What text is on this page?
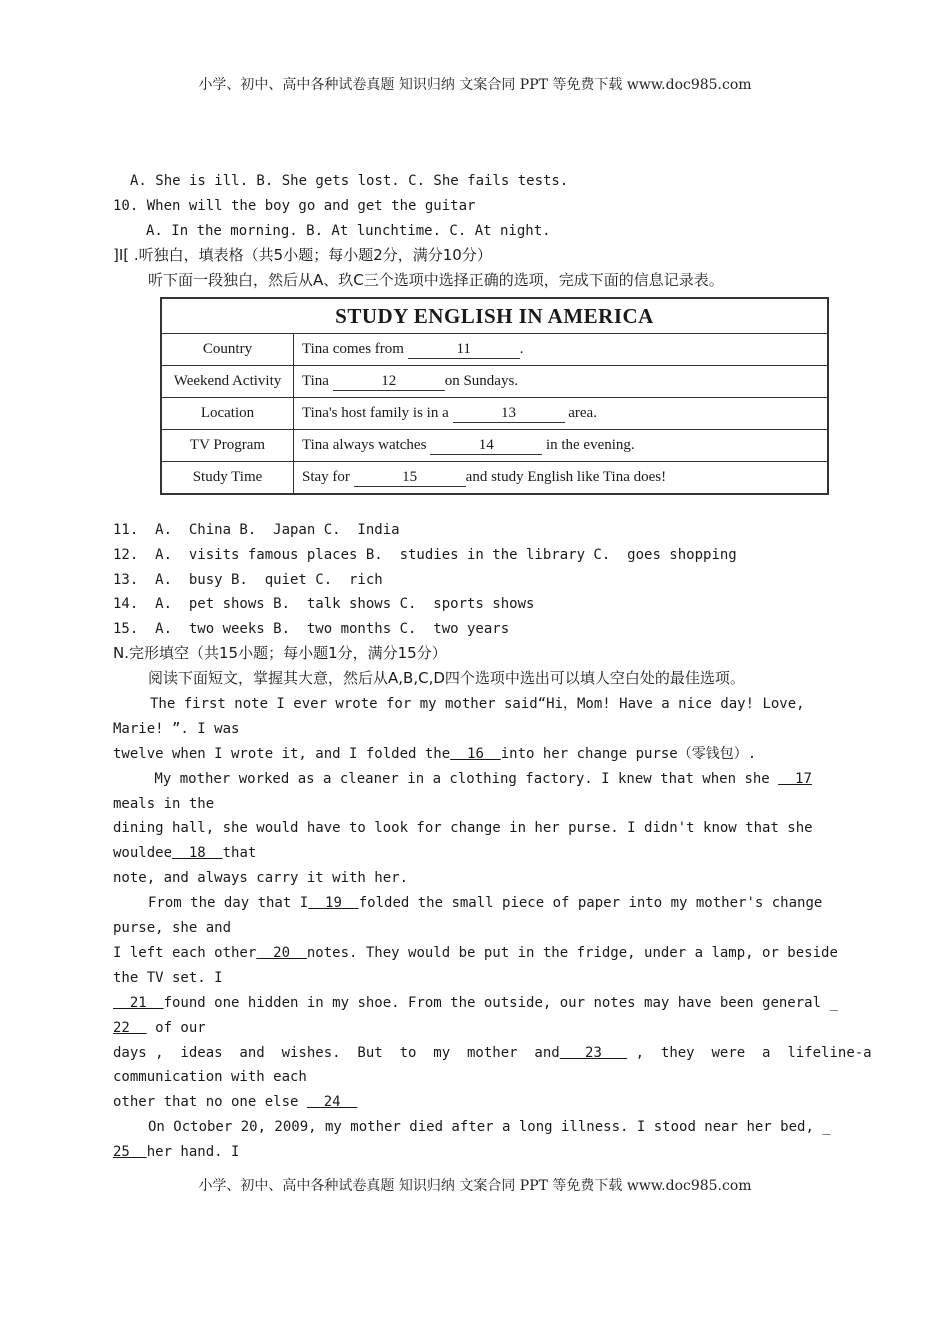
小学、初中、高中各种试卷真题 知识归纳 文案合同 PPT 等免费下载 www.doc985.com
A. She is ill. B. She gets lost. C. She fails tests.
10. When will the boy go and get the guitar
A. In the morning. B. At lunchtime. C. At night.
]I[ .听独白，填表格（共5小题；每小题2分，满分10分）
听下面一段独白，然后从A、玖C三个选项中选择正确的选项，完成下面的信息记录表。
STUDY ENGLISH IN AMERICA	
Country	Tina comes from 11 .
Weekend Activity	Tina 12 on Sundays.
Location	Tina's host family is in a 13 area.
TV Program	Tina always watches 14 in the evening.
Study Time	Stay for 15 and study English like Tina does!
11.  A.  China B.  Japan C.  India
12.  A.  visits famous places B.  studies in the library C.  goes shopping
13.  A.  busy B.  quiet C.  rich
14.  A.  pet shows B.  talk shows C.  sports shows
15.  A.  two weeks B.  two months C.  two years
N.完形填空（共15小题；每小题1分，满分15分）
阅读下面短文，掌握其大意，然后从A,B,C,D四个选项中选出可以填人空白处的最佳选项。
The first note I ever wrote for my mother said“Hi，Mom! Have a nice day! Love,
Marie! ”. I was
twelve when I wrote it, and I folded the  16  into her change purse（零钱包）.
My mother worked as a cleaner in a clothing factory. I knew that when she   17
meals in the
dining hall, she would have to look for change in her purse. I didn't know that she
wouldee  18  that
note, and always carry it with her.
From the day that I  19  folded the small piece of paper into my mother's change
purse, she and
I left each other  20  notes. They would be put in the fridge, under a lamp, or beside
the TV set. I
21  found one hidden in my shoe. From the outside, our notes may have been general _
22   of our
days ,  ideas  and  wishes.  But  to  my  mother  and   23    ,  they  were  a  lifeline-a
communication with each
other that no one else   24
On October 20, 2009, my mother died after a long illness. I stood near her bed, _
25  her hand. I
小学、初中、高中各种试卷真题 知识归纳 文案合同 PPT 等免费下载 www.doc985.com
